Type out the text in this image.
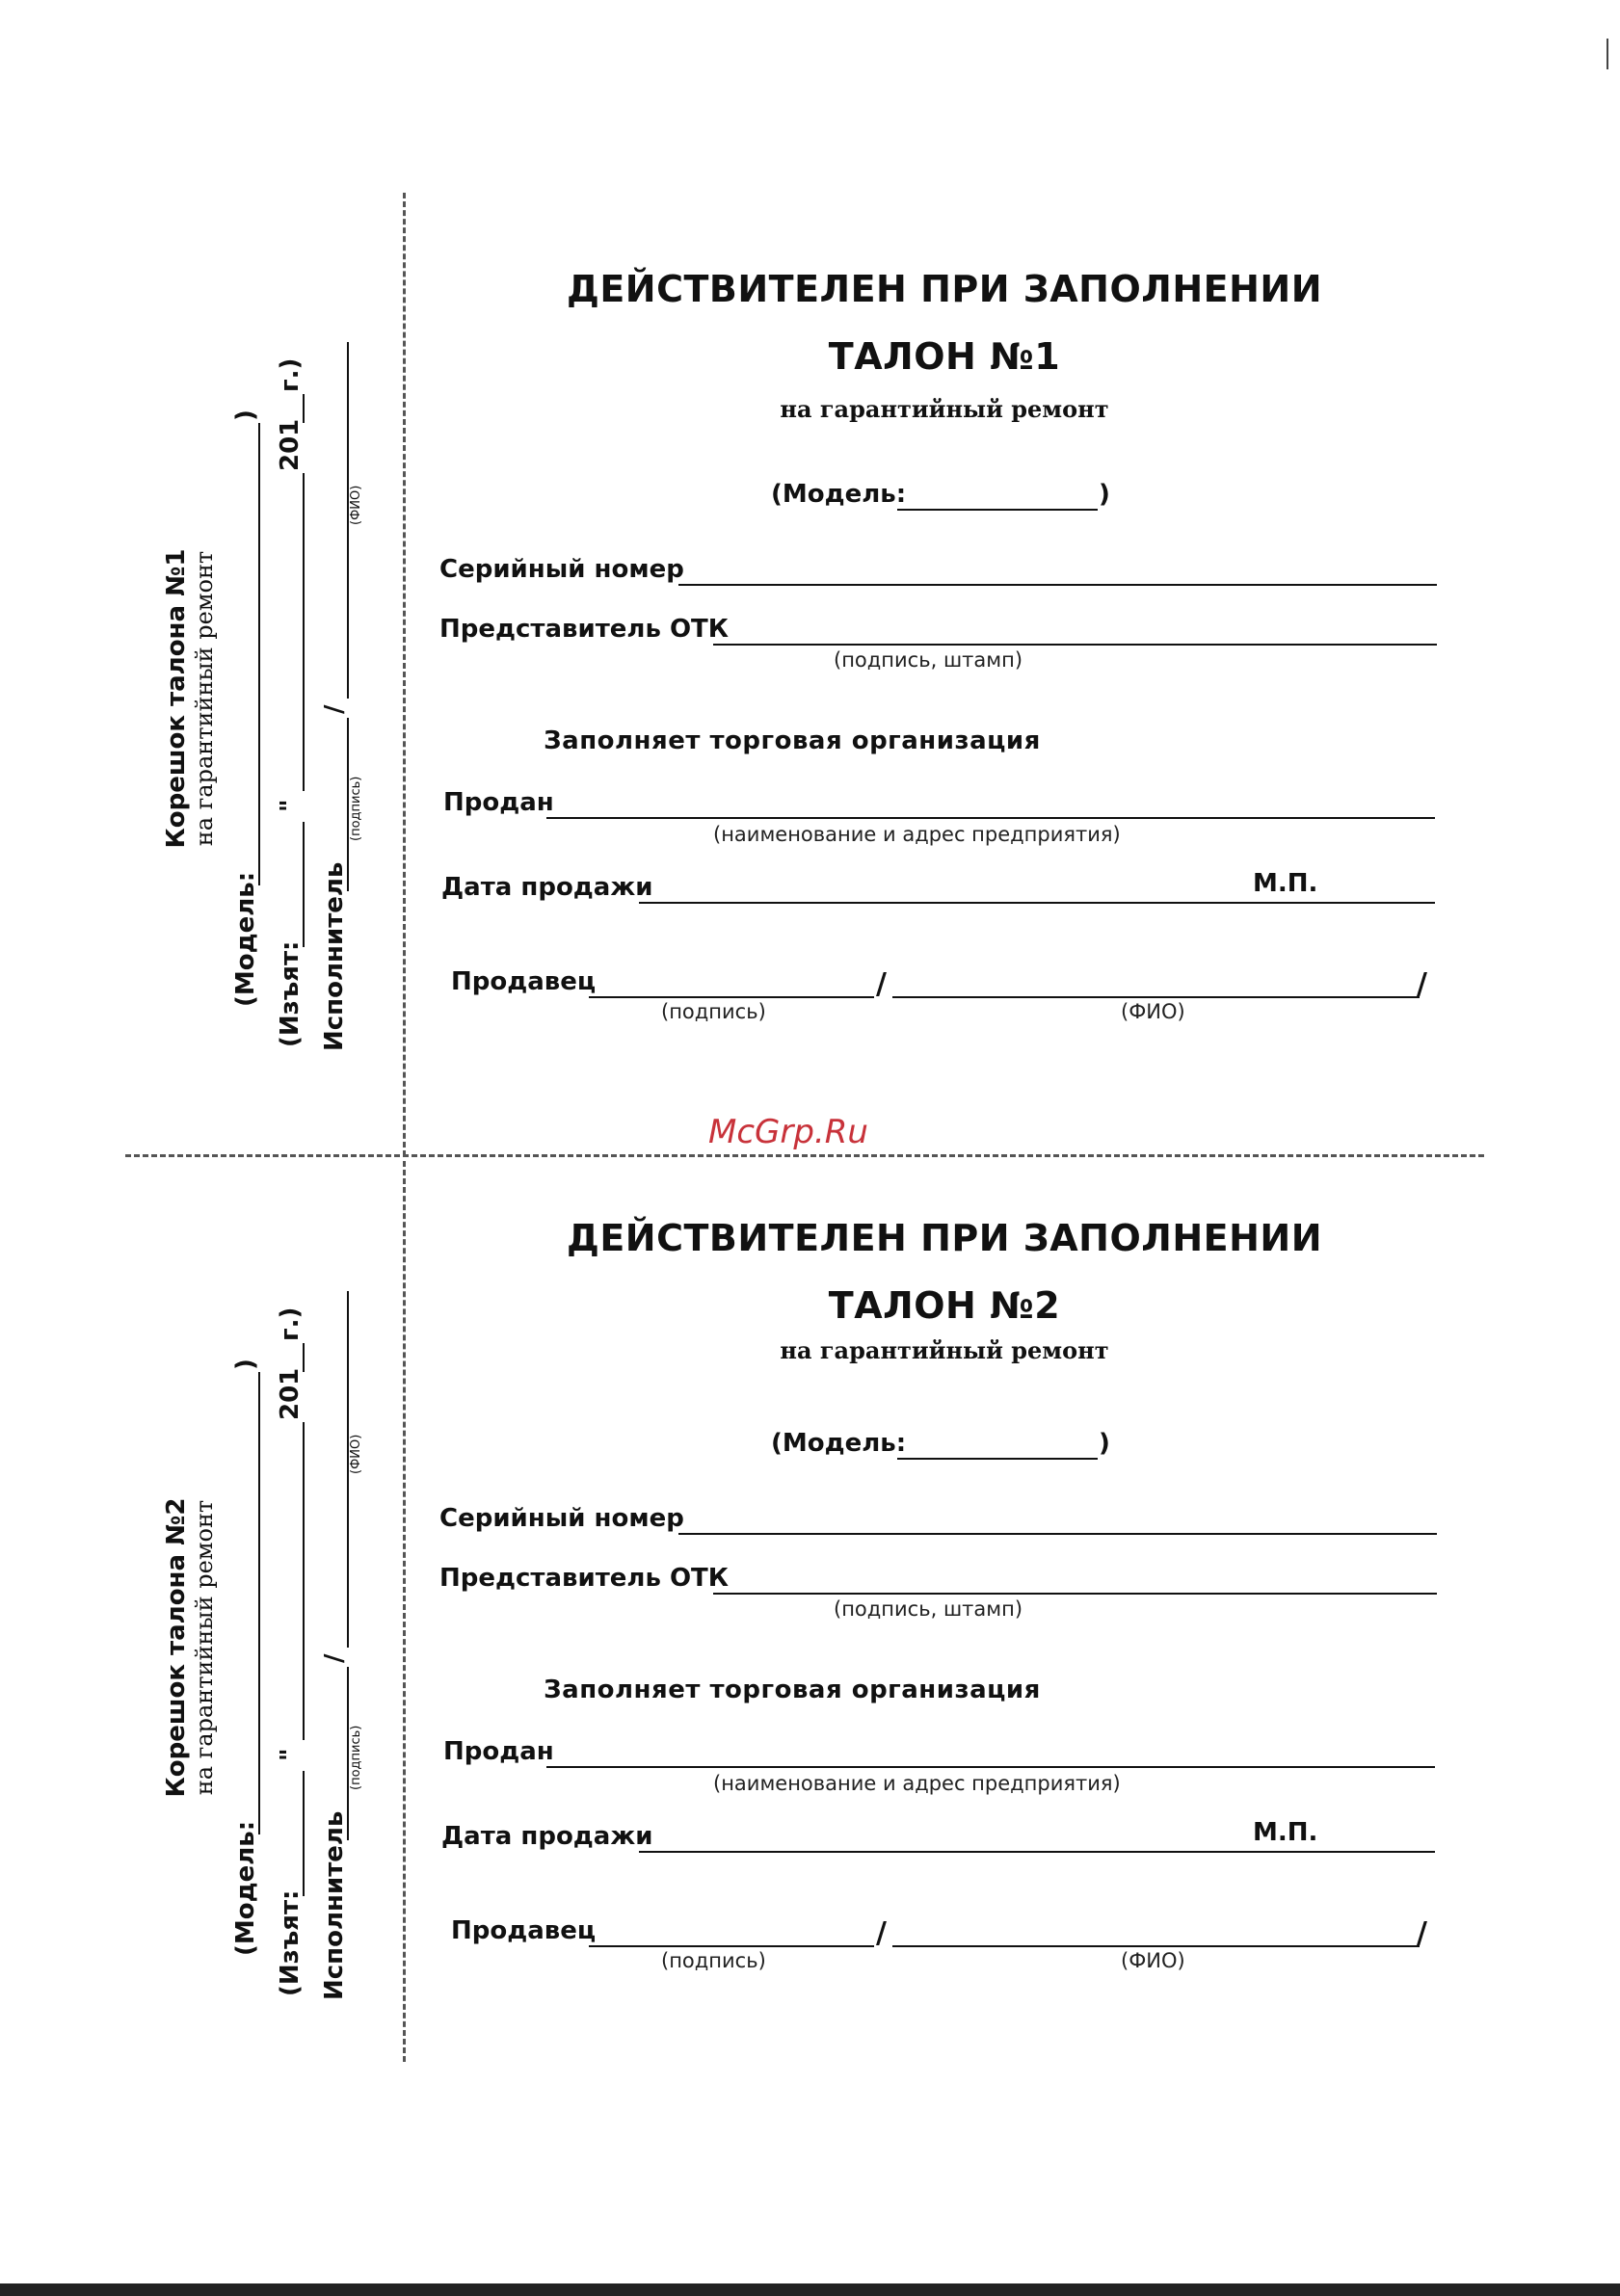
ДЕЙСТВИТЕЛЕН ПРИ ЗАПОЛНЕНИИ
ТАЛОН №1
на гарантийный ремонт
(Модель:	)
Серийный номер
Представитель ОТК
(подпись, штамп)
Заполняет торговая организация
Продан
(наименование и адрес предприятия)
Дата продажи	М.П.
Продавец	/	/
(подпись)	(ФИО)
ДЕЙСТВИТЕЛЕН ПРИ ЗАПОЛНЕНИИ
ТАЛОН №2
на гарантийный ремонт
(Модель:	)
Серийный номер
Представитель ОТК
(подпись, штамп)
Заполняет торговая организация
Продан
(наименование и адрес предприятия)
Дата продажи	М.П.
Продавец	/	/
(подпись)	(ФИО)
Корешок талона №1 на гарантийный ремонт
(Модель:
)
(Изъят:
"
201
г.)
Исполнитель
/
(подпись)
(ФИО)
Корешок талона №2 на гарантийный ремонт
(Модель:
)
(Изъят:
"
201
г.)
Исполнитель
/
(подпись)
(ФИО)
McGrp.Ru
